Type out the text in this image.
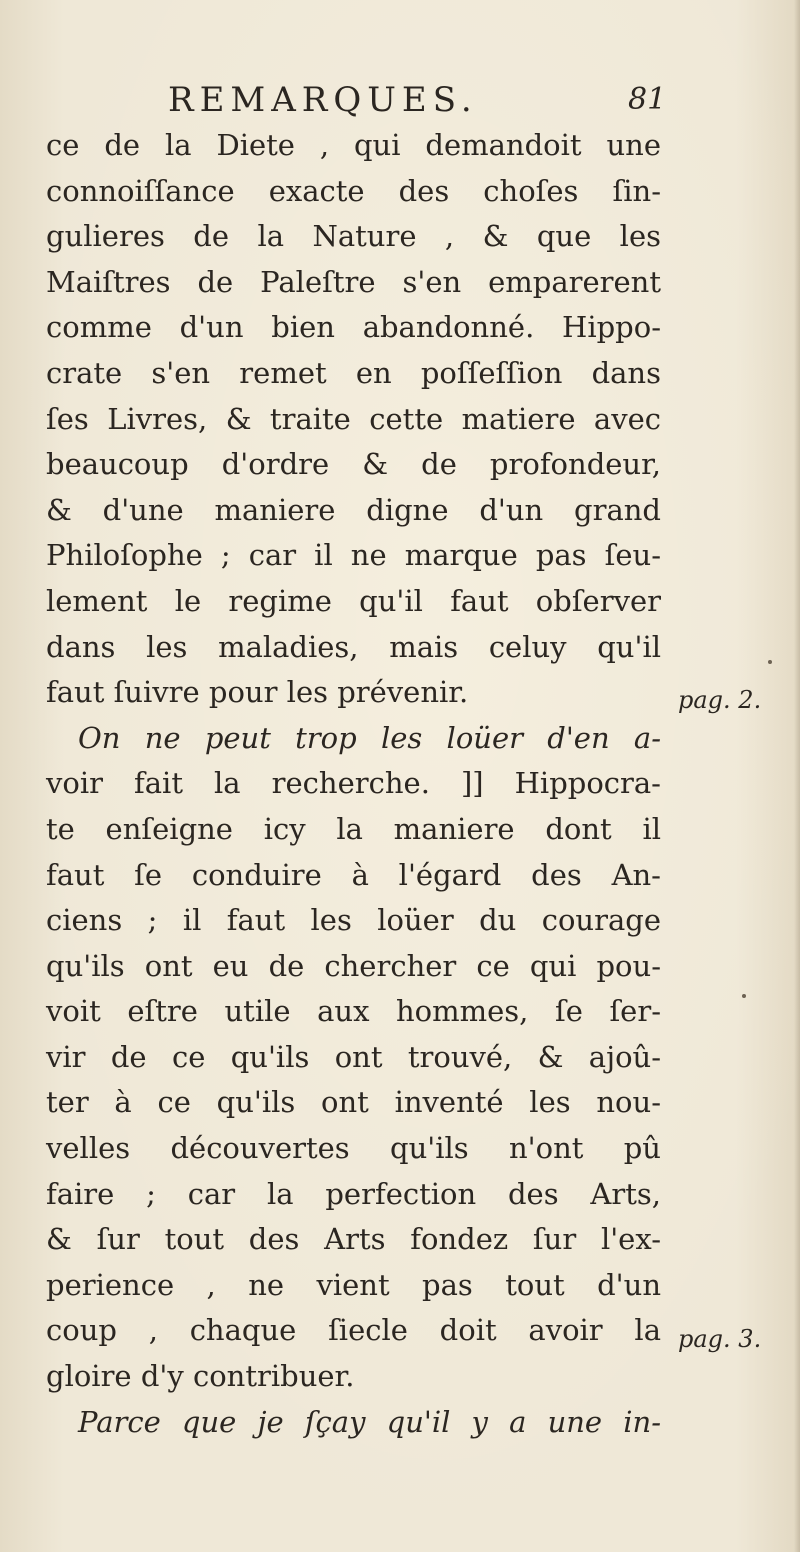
REMARQUES.	81
ce de la Diete , qui demandoit une
connoiſſance exacte des choſes ſin-
gulieres de la Nature , & que les
Maiſtres de Paleſtre s'en emparerent
comme d'un bien abandonné. Hippo-
crate s'en remet en poſſeſſion dans
ſes Livres, & traite cette matiere avec
beaucoup d'ordre & de profondeur,
& d'une maniere digne d'un grand
Philoſophe ; car il ne marque pas ſeu-
lement le regime qu'il faut obſerver
dans les maladies, mais celuy qu'il
faut ſuivre pour les prévenir.
On ne peut trop les loüer d'en a-
voir fait la recherche. ]] Hippocra-
te enſeigne icy la maniere dont il
faut ſe conduire à l'égard des An-
ciens ; il faut les loüer du courage
qu'ils ont eu de chercher ce qui pou-
voit eſtre utile aux hommes, ſe ſer-
vir de ce qu'ils ont trouvé, & ajoû-
ter à ce qu'ils ont inventé les nou-
velles découvertes qu'ils n'ont pû
faire ; car la perfection des Arts,
& ſur tout des Arts fondez ſur l'ex-
perience , ne vient pas tout d'un
coup , chaque ſiecle doit avoir la
gloire d'y contribuer.
Parce que je ſçay qu'il y a une in-
pag. 2.
pag. 3.
